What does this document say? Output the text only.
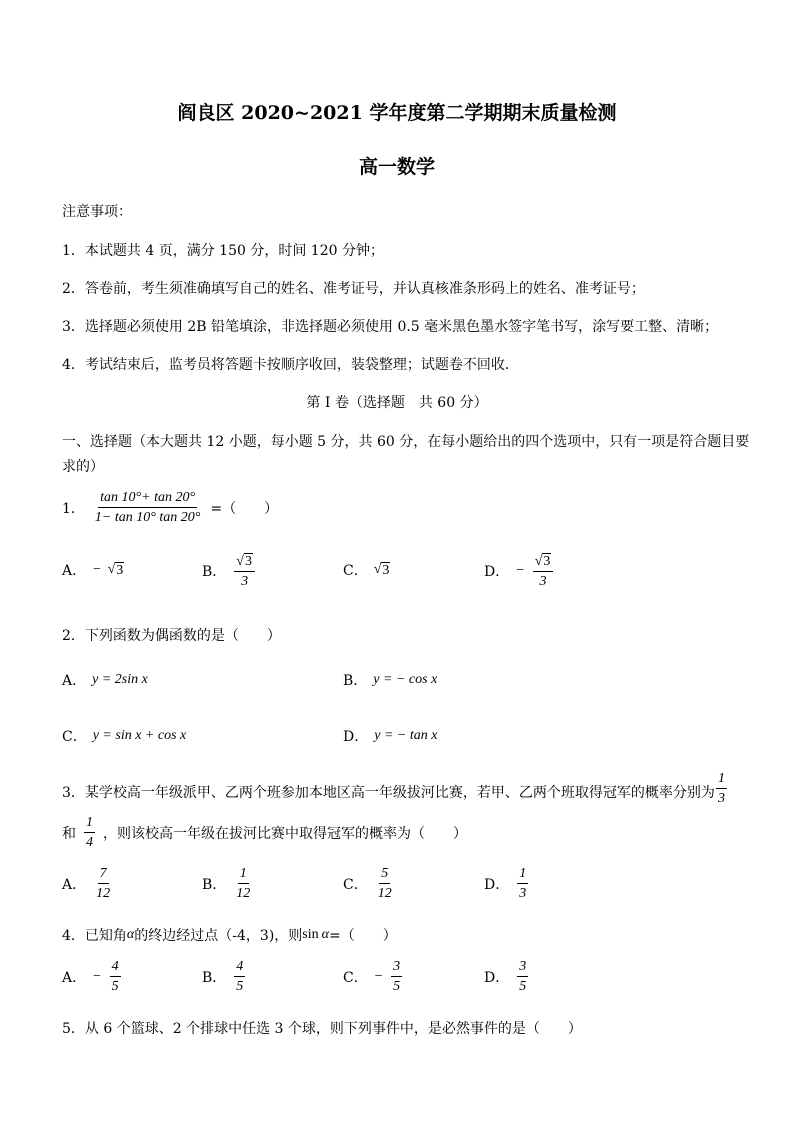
阎良区 2020~2021 学年度第二学期期末质量检测
高一数学
注意事项：
1．本试题共 4 页，满分 150 分，时间 120 分钟；
2．答卷前，考生须准确填写自己的姓名、准考证号，并认真核准条形码上的姓名、准考证号；
3．选择题必须使用 2B 铅笔填涂，非选择题必须使用 0.5 毫米黑色墨水签字笔书写，涂写要工整、清晰；
4．考试结束后，监考员将答题卡按顺序收回，装袋整理；试题卷不回收．
第 I 卷（选择题　共 60 分）
一、选择题（本大题共 12 小题，每小题 5 分，共 60 分，在每小题给出的四个选项中，只有一项是符合题目要
求的）
1． $\frac{\tan 10^\circ+ \tan 20^\circ}{1- \tan 10^\circ \tan 20^\circ}$ =（　　）
A． − √ 3	B． $\frac{√ 3}{3}$	C． √ 3	D． − $\frac{√ 3}{3}$
2．下列函数为偶函数的是（　　）
A． y = 2sin x	B． y = − cos x
C． y = sin x + cos x	D． y = − tan x
3．某学校高一年级派甲、乙两个班参加本地区高一年级拔河比赛，若甲、乙两个班取得冠军的概率分别为 $\frac{1}{3}$
和 $\frac{1}{4}$ ，则该校高一年级在拔河比赛中取得冠军的概率为（　　）
A． $\frac{7}{12}$	B． $\frac{1}{12}$	C． $\frac{5}{12}$	D． $\frac{1}{3}$
4．已知角 α 的终边经过点（-4，3)，则 sin α =（　　）
A． − $\frac{4}{5}$	B． $\frac{4}{5}$	C． − $\frac{3}{5}$	D． $\frac{3}{5}$
5．从 6 个篮球、2 个排球中任选 3 个球，则下列事件中，是必然事件的是（　　）
